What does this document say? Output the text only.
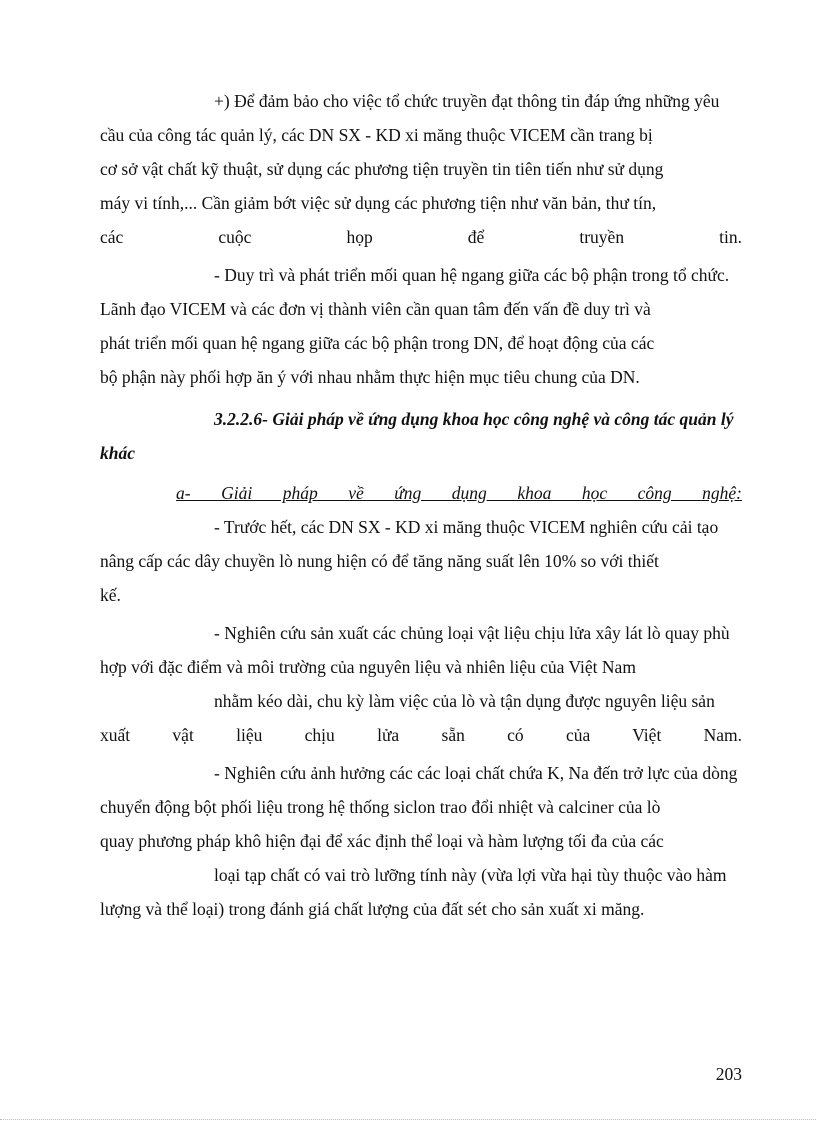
+) Để đảm bảo cho việc tổ chức truyền đạt thông tin đáp ứng những yêu
cầu của công tác quản lý, các DN SX - KD xi măng thuộc VICEM cần trang bị
cơ sở vật chất kỹ thuật, sử dụng các phương tiện truyền tin tiên tiến như sử dụng
máy vi tính,... Cần giảm bớt việc sử dụng các phương tiện như văn bản, thư tín,
các cuộc họp để truyền tin.
- Duy trì và phát triển mối quan hệ ngang giữa các bộ phận trong tổ chức.
Lãnh đạo VICEM và các đơn vị thành viên cần quan tâm đến vấn đề duy trì và
phát triển mối quan hệ ngang giữa các bộ phận trong DN, để hoạt động của các
bộ phận này phối hợp ăn ý với nhau nhằm thực hiện mục tiêu chung của DN.
3.2.2.6- Giải pháp về ứng dụng khoa học công nghệ và công tác quản lý
khác
a- Giải pháp về ứng dụng khoa học công nghệ:
- Trước hết, các DN SX - KD xi măng thuộc VICEM nghiên cứu cải tạo
nâng cấp các dây chuyền lò nung hiện có để tăng năng suất lên 10% so với thiết
kế.
- Nghiên cứu sản xuất các chủng loại vật liệu chịu lửa xây lát lò quay phù
hợp với đặc điểm và môi trường của nguyên liệu và nhiên liệu của Việt Nam
nhằm kéo dài, chu kỳ làm việc của lò và tận dụng được nguyên liệu sản
xuất vật liệu chịu lửa sẵn có của Việt Nam.
- Nghiên cứu ảnh hưởng các các loại chất chứa K, Na đến trở lực của dòng
chuyển động bột phối liệu trong hệ thống siclon trao đổi nhiệt và calciner của lò
quay phương pháp khô hiện đại để xác định thể loại và hàm lượng tối đa của các
loại tạp chất có vai trò lưỡng tính này (vừa lợi vừa hại tùy thuộc vào hàm
lượng và thể loại) trong đánh giá chất lượng của đất sét cho sản xuất xi măng.
203
